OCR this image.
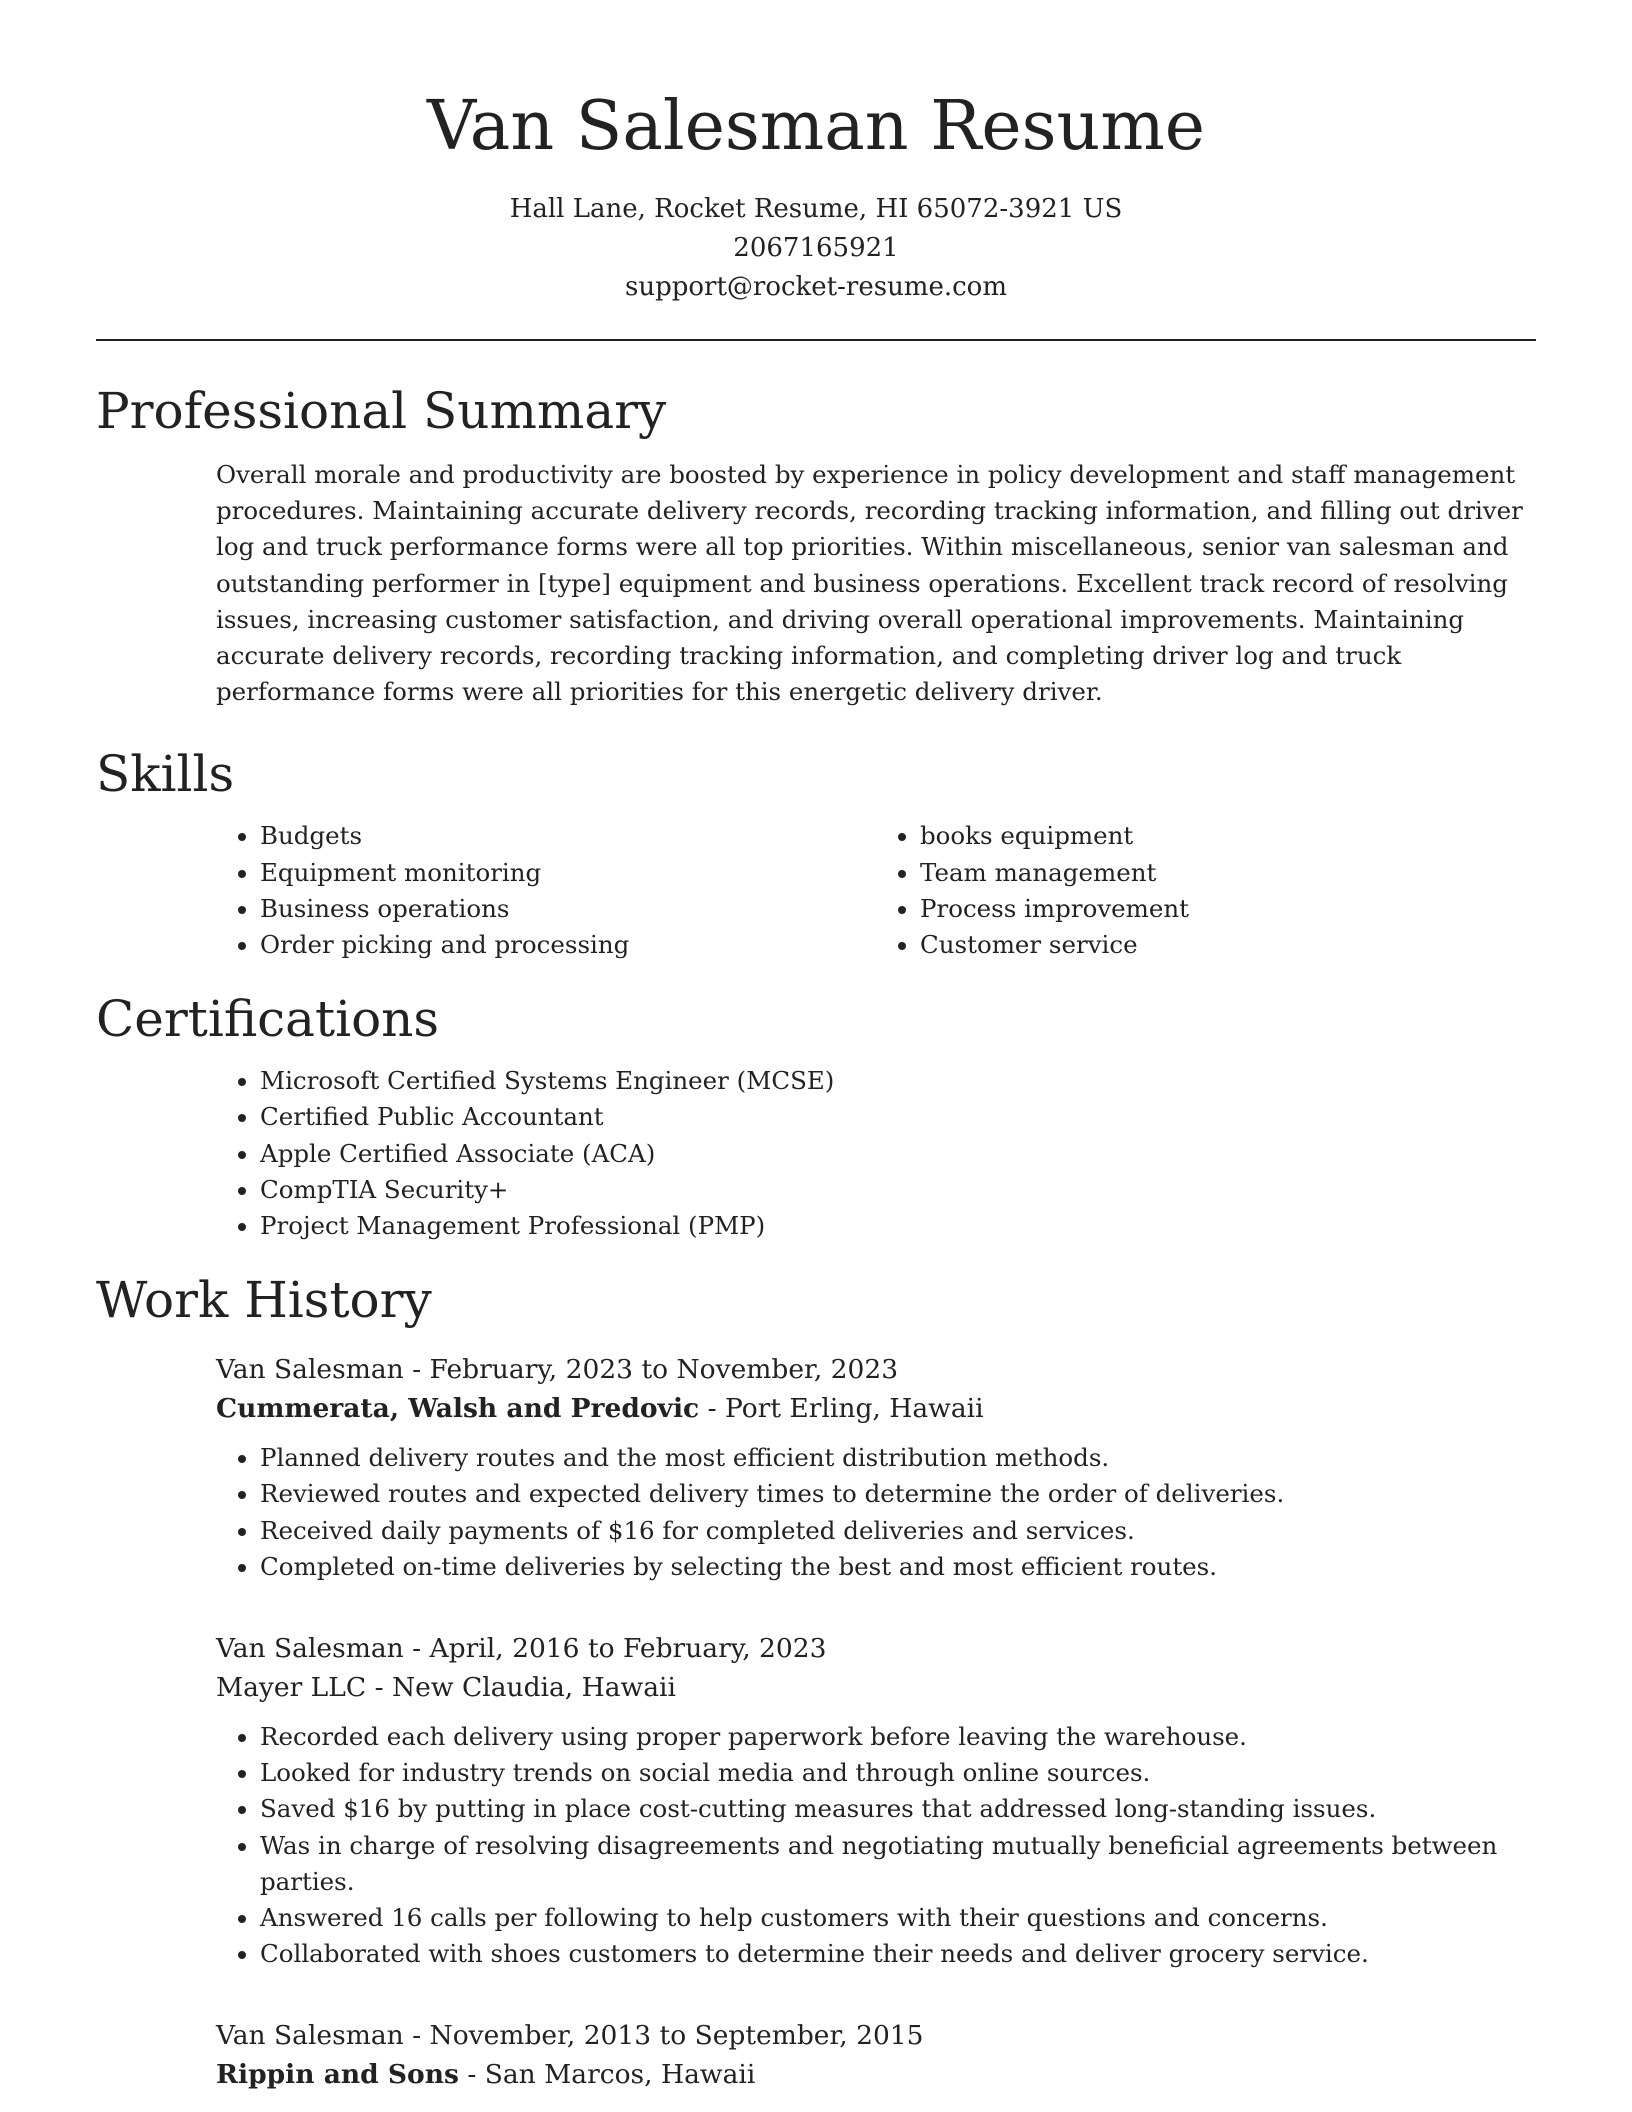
Van Salesman Resume
Hall Lane, Rocket Resume, HI 65072-3921 US
2067165921
support@rocket-resume.com
Professional Summary

Overall morale and productivity are boosted by experience in policy development and staff management procedures. Maintaining accurate delivery records, recording tracking information, and filling out driver log and truck performance forms were all top priorities. Within miscellaneous, senior van salesman and outstanding performer in [type] equipment and business operations. Excellent track record of resolving issues, increasing customer satisfaction, and driving overall operational improvements. Maintaining accurate delivery records, recording tracking information, and completing driver log and truck performance forms were all priorities for this energetic delivery driver.

Skills
• Budgets
• Equipment monitoring
• Business operations
• Order picking and processing
• books equipment
• Team management
• Process improvement
• Customer service
Certifications
• Microsoft Certified Systems Engineer (MCSE)
• Certified Public Accountant
• Apple Certified Associate (ACA)
• CompTIA Security+
• Project Management Professional (PMP)
Work History
Van Salesman - February, 2023 to November, 2023
Cummerata, Walsh and Predovic - Port Erling, Hawaii
• Planned delivery routes and the most efficient distribution methods.
• Reviewed routes and expected delivery times to determine the order of deliveries.
• Received daily payments of $16 for completed deliveries and services.
• Completed on-time deliveries by selecting the best and most efficient routes.
Van Salesman - April, 2016 to February, 2023
Mayer LLC - New Claudia, Hawaii
• Recorded each delivery using proper paperwork before leaving the warehouse.
• Looked for industry trends on social media and through online sources.
• Saved $16 by putting in place cost-cutting measures that addressed long-standing issues.
• Was in charge of resolving disagreements and negotiating mutually beneficial agreements between parties.
• Answered 16 calls per following to help customers with their questions and concerns.
• Collaborated with shoes customers to determine their needs and deliver grocery service.
Van Salesman - November, 2013 to September, 2015
Rippin and Sons - San Marcos, Hawaii
